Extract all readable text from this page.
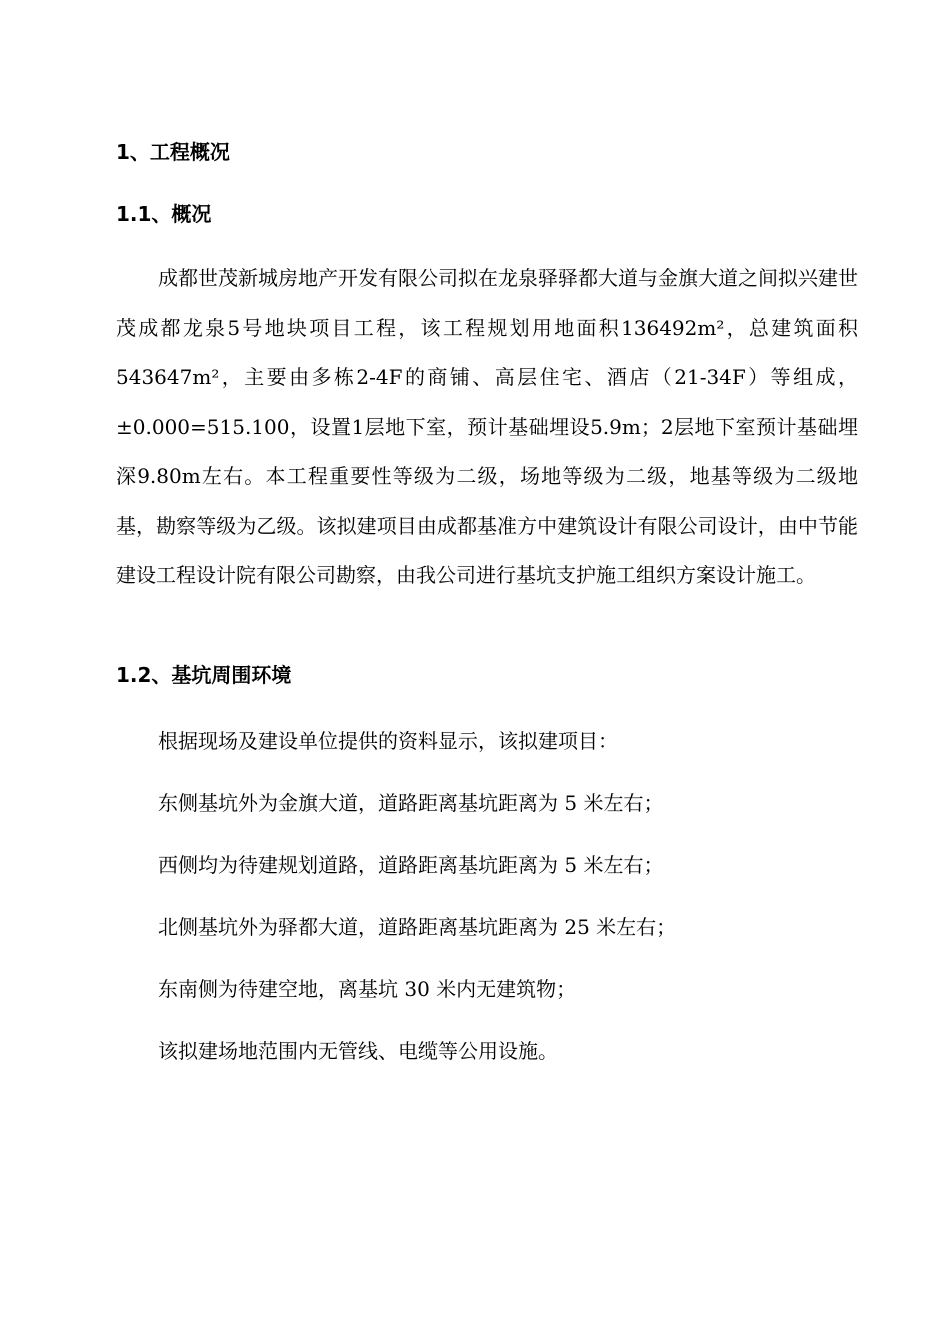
1、工程概况
1.1、概况
成都世茂新城房地产开发有限公司拟在龙泉驿驿都大道与金旗大道之间拟兴建世茂成都龙泉5号地块项目工程，该工程规划用地面积136492m²，总建筑面积543647m²，主要由多栋2-4F的商铺、高层住宅、酒店（21-34F）等组成，±0.000=515.100，设置1层地下室，预计基础埋设5.9m；2层地下室预计基础埋深9.80m左右。本工程重要性等级为二级，场地等级为二级，地基等级为二级地基，勘察等级为乙级。该拟建项目由成都基准方中建筑设计有限公司设计，由中节能建设工程设计院有限公司勘察，由我公司进行基坑支护施工组织方案设计施工。
1.2、基坑周围环境
根据现场及建设单位提供的资料显示，该拟建项目：
东侧基坑外为金旗大道，道路距离基坑距离为 5 米左右；
西侧均为待建规划道路，道路距离基坑距离为 5 米左右；
北侧基坑外为驿都大道，道路距离基坑距离为 25 米左右；
东南侧为待建空地，离基坑 30 米内无建筑物；
该拟建场地范围内无管线、电缆等公用设施。
